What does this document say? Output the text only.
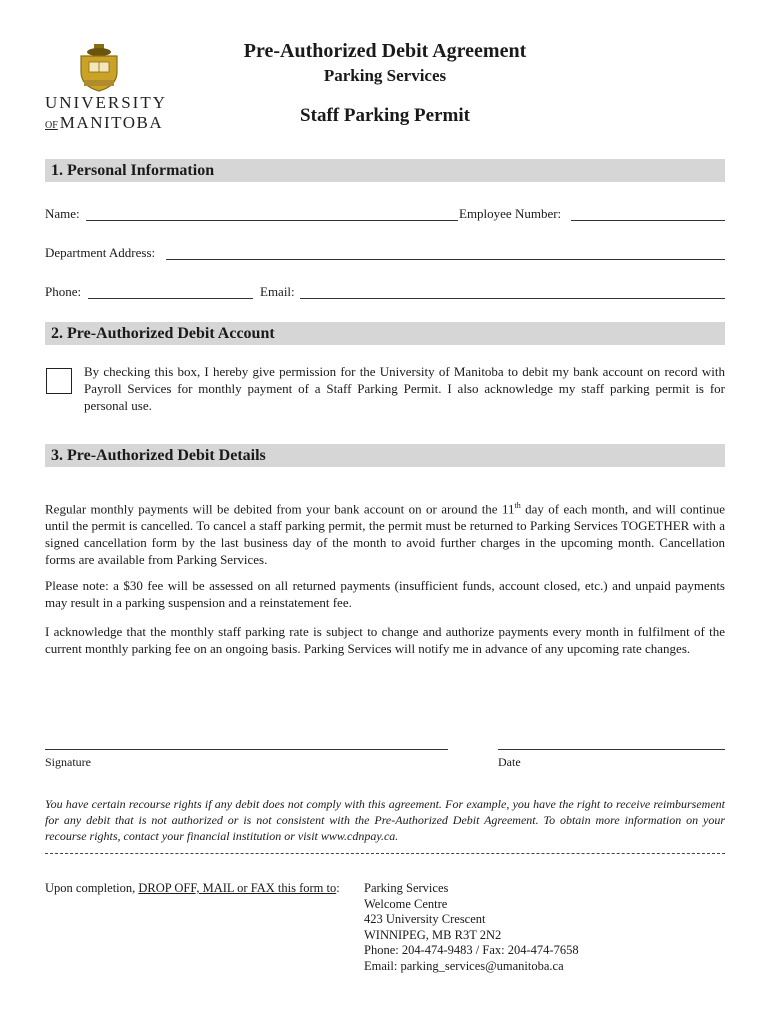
UNIVERSITY
OF MANITOBA
Pre-Authorized Debit Agreement
Parking Services
Staff Parking Permit
1. Personal Information
Name:	Employee Number:
Department Address:
Phone:	Email:
2. Pre-Authorized Debit Account
By checking this box, I hereby give permission for the University of Manitoba to debit my bank account on record with Payroll Services for monthly payment of a Staff Parking Permit. I also acknowledge my staff parking permit is for personal use.
3. Pre-Authorized Debit Details
Regular monthly payments will be debited from your bank account on or around the 11th day of each month, and will continue until the permit is cancelled. To cancel a staff parking permit, the permit must be returned to Parking Services TOGETHER with a signed cancellation form by the last business day of the month to avoid further charges in the upcoming month. Cancellation forms are available from Parking Services.
Please note: a $30 fee will be assessed on all returned payments (insufficient funds, account closed, etc.) and unpaid payments may result in a parking suspension and a reinstatement fee.
I acknowledge that the monthly staff parking rate is subject to change and authorize payments every month in fulfilment of the current monthly parking fee on an ongoing basis. Parking Services will notify me in advance of any upcoming rate changes.
Signature	Date
You have certain recourse rights if any debit does not comply with this agreement. For example, you have the right to receive reimbursement for any debit that is not authorized or is not consistent with the Pre-Authorized Debit Agreement. To obtain more information on your recourse rights, contact your financial institution or visit www.cdnpay.ca.
Upon completion, DROP OFF, MAIL or FAX this form to: Parking Services
Welcome Centre
423 University Crescent
WINNIPEG, MB R3T 2N2
Phone: 204-474-9483 / Fax: 204-474-7658
Email: parking_services@umanitoba.ca
